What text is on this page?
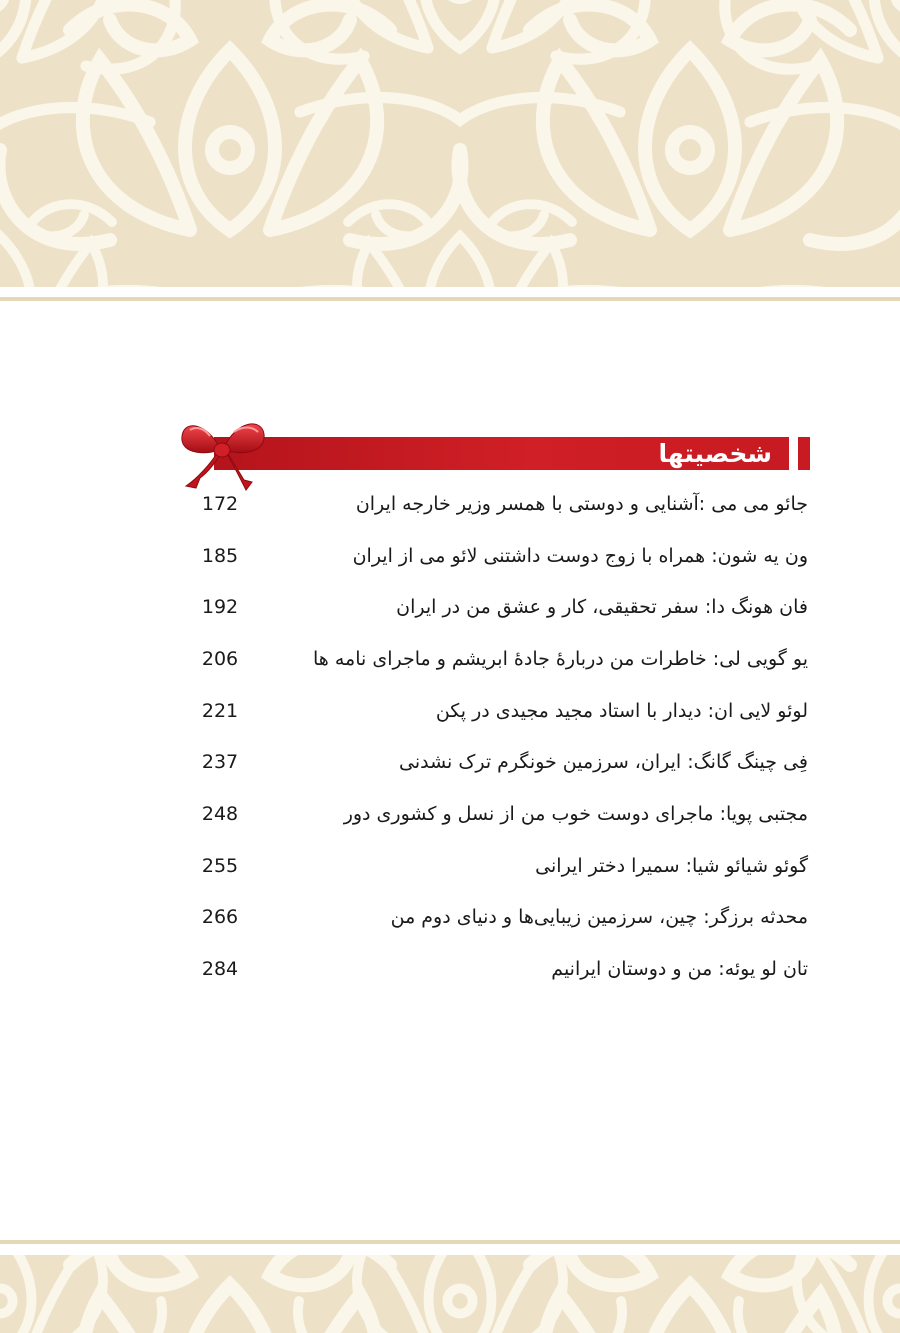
شخصیتها
جائو می می :آشنایی و دوستی با همسر وزیر خارجه ایران
172
ون یه شون: همراه با زوج دوست داشتنی لائو می از ایران
185
فان هونگ دا: سفر تحقیقی، کار و عشق من در ایران
192
یو گویی لی: خاطرات من دربارۀ جادۀ ابریشم و ماجرای نامه ها
206
لوئو لایی ان: دیدار با استاد مجید مجیدی در پکن
221
فِی چینگ گانگ: ایران، سرزمین خونگرم ترک نشدنی
237
مجتبی پویا: ماجرای دوست خوب من از نسل و کشوری دور
248
گوئو شیائو شیا: سمیرا دختر ایرانی
255
محدثه برزگر: چین، سرزمین زیبایی‌ها و دنیای دوم من
266
تان لو یوئه: من و دوستان ایرانیم
284
